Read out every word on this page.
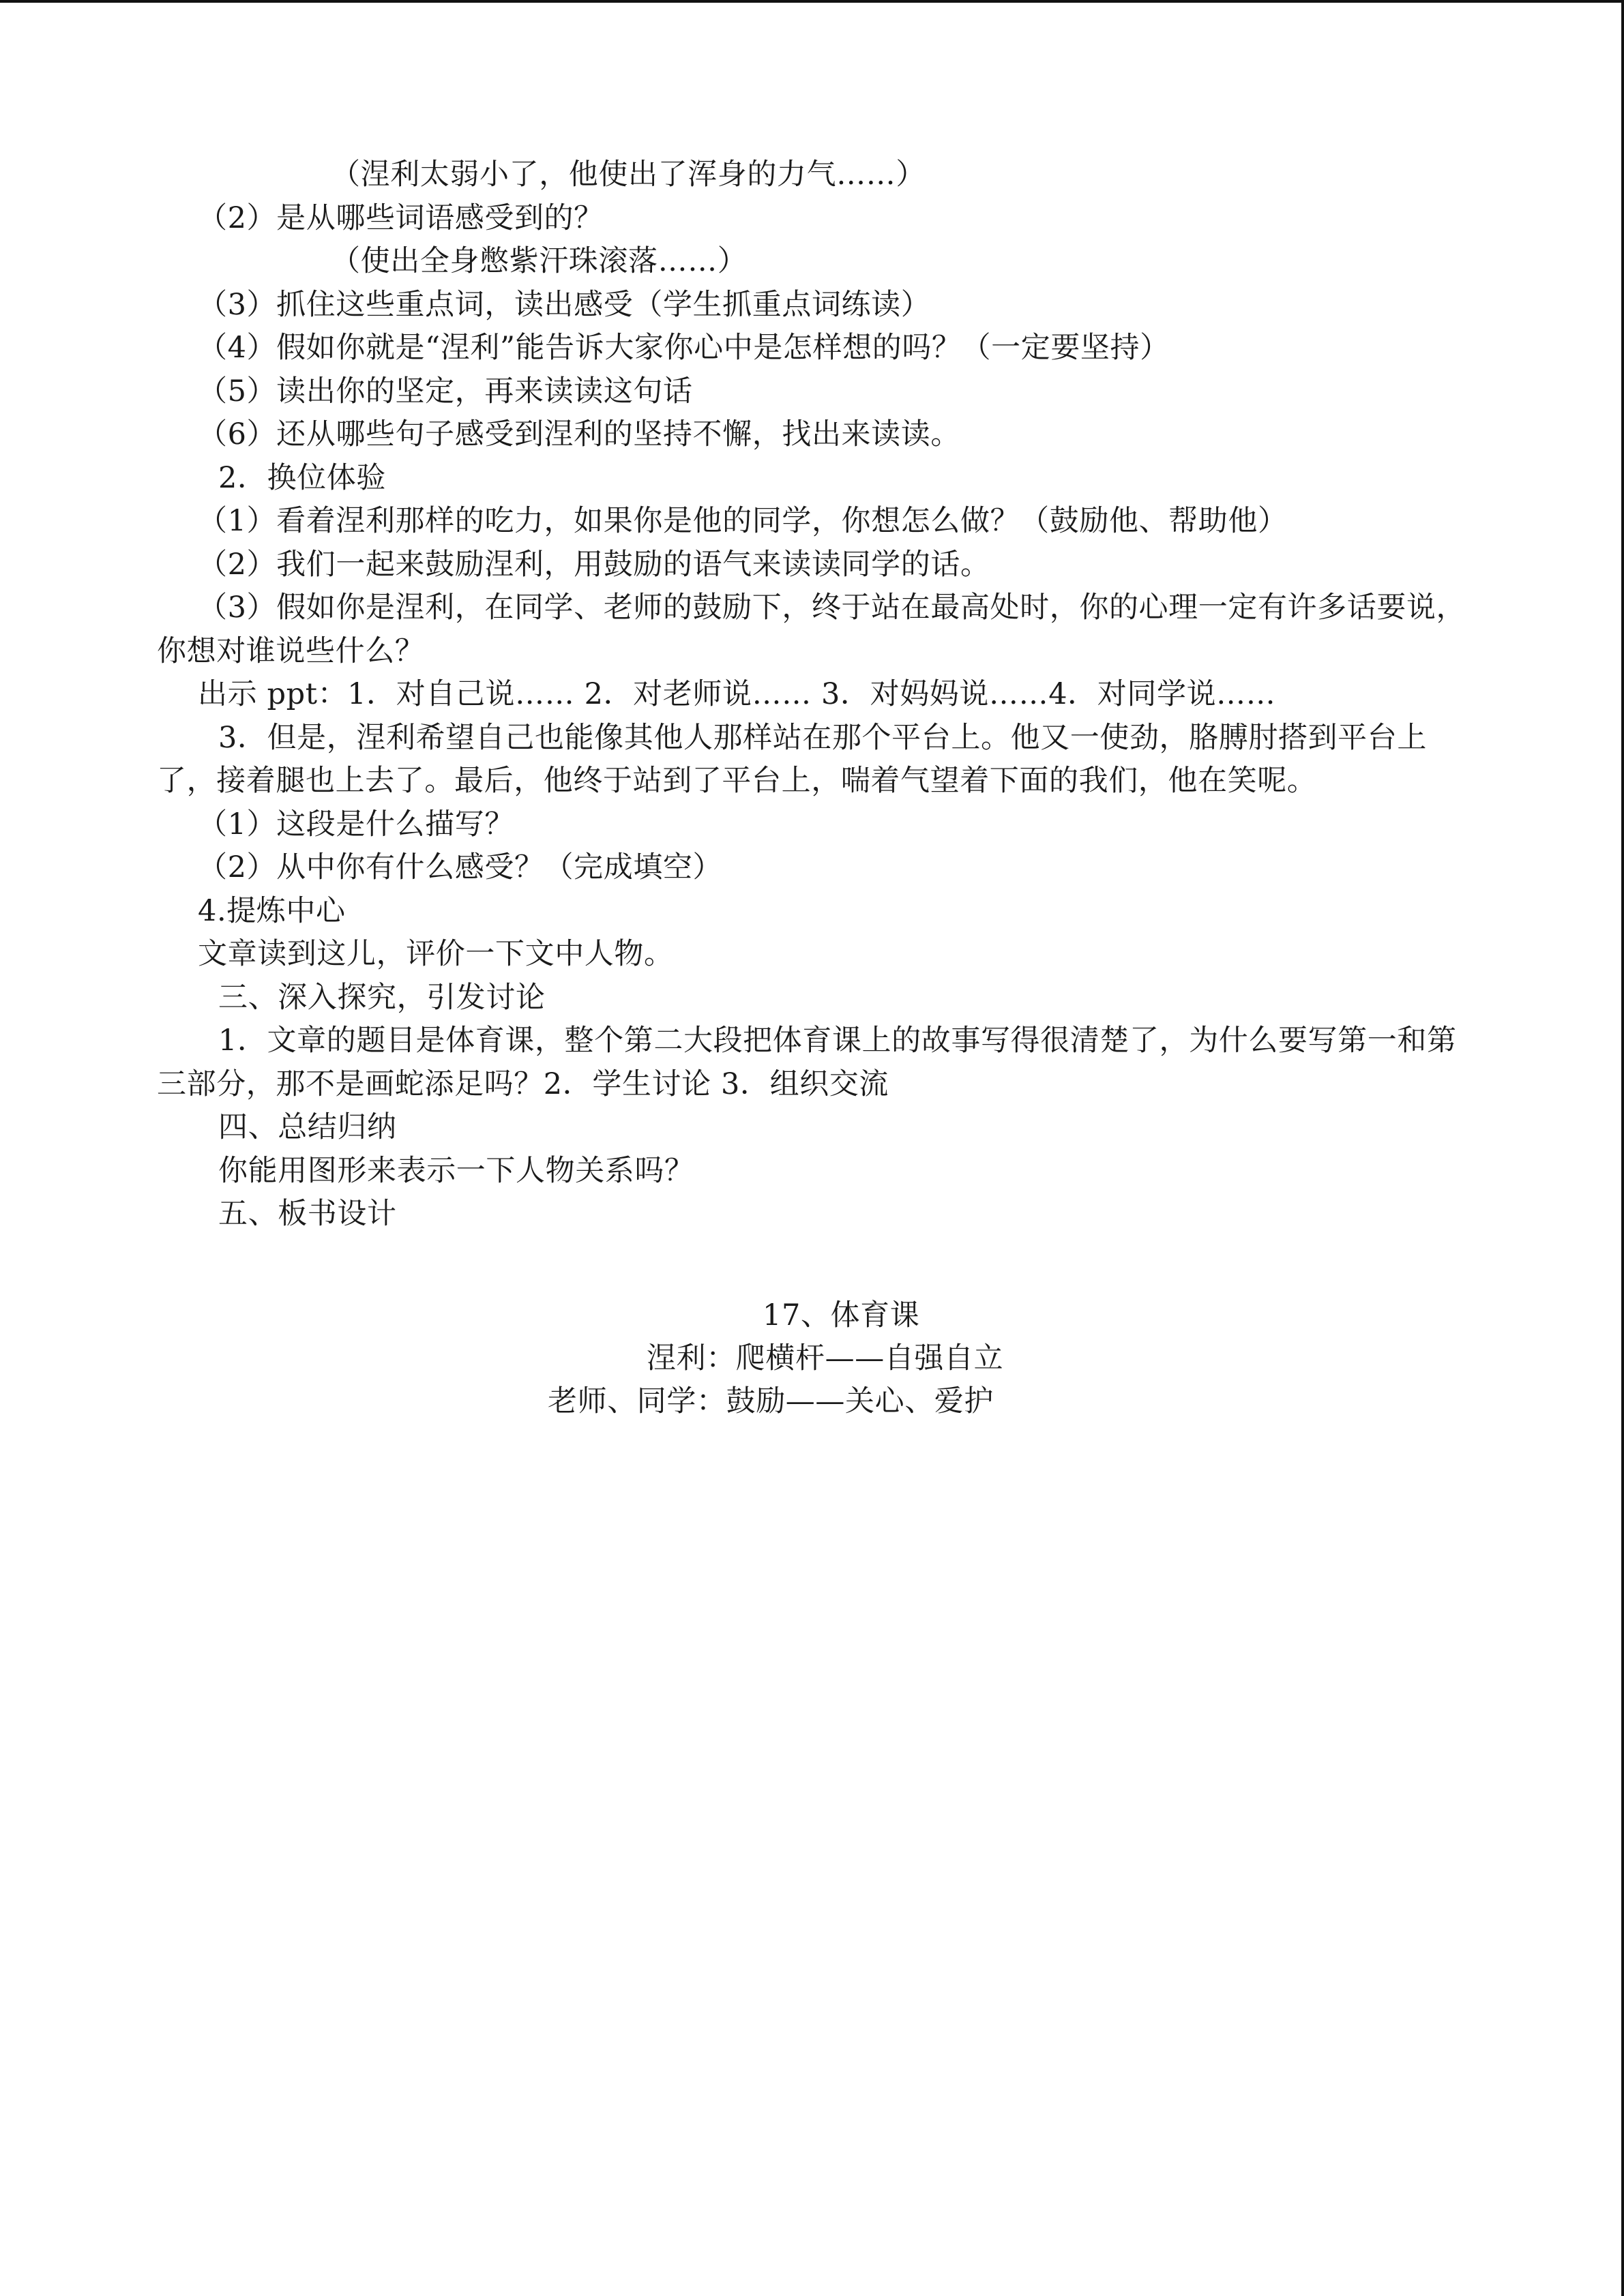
（涅利太弱小了，他使出了浑身的力气……）
（2）是从哪些词语感受到的？
（使出全身憋紫汗珠滚落……）
（3）抓住这些重点词，读出感受（学生抓重点词练读）
（4）假如你就是“涅利”能告诉大家你心中是怎样想的吗？（一定要坚持）
（5）读出你的坚定，再来读读这句话
（6）还从哪些句子感受到涅利的坚持不懈，找出来读读。
2．换位体验
（1）看着涅利那样的吃力，如果你是他的同学，你想怎么做？（鼓励他、帮助他）
（2）我们一起来鼓励涅利，用鼓励的语气来读读同学的话。
（3）假如你是涅利，在同学、老师的鼓励下，终于站在最高处时，你的心理一定有许多话要说，你想对谁说些什么？
出示 ppt：1．对自己说…… 2．对老师说…… 3．对妈妈说……4．对同学说……
3．但是，涅利希望自己也能像其他人那样站在那个平台上。他又一使劲，胳膊肘搭到平台上了，接着腿也上去了。最后，他终于站到了平台上，喘着气望着下面的我们，他在笑呢。
（1）这段是什么描写？
（2）从中你有什么感受？（完成填空）
4.提炼中心
文章读到这儿，评价一下文中人物。
三、深入探究，引发讨论
1．文章的题目是体育课，整个第二大段把体育课上的故事写得很清楚了，为什么要写第一和第三部分，那不是画蛇添足吗？2．学生讨论 3．组织交流
四、总结归纳
你能用图形来表示一下人物关系吗？
五、板书设计
17、体育课
涅利：爬横杆——自强自立
老师、同学：鼓励——关心、爱护
